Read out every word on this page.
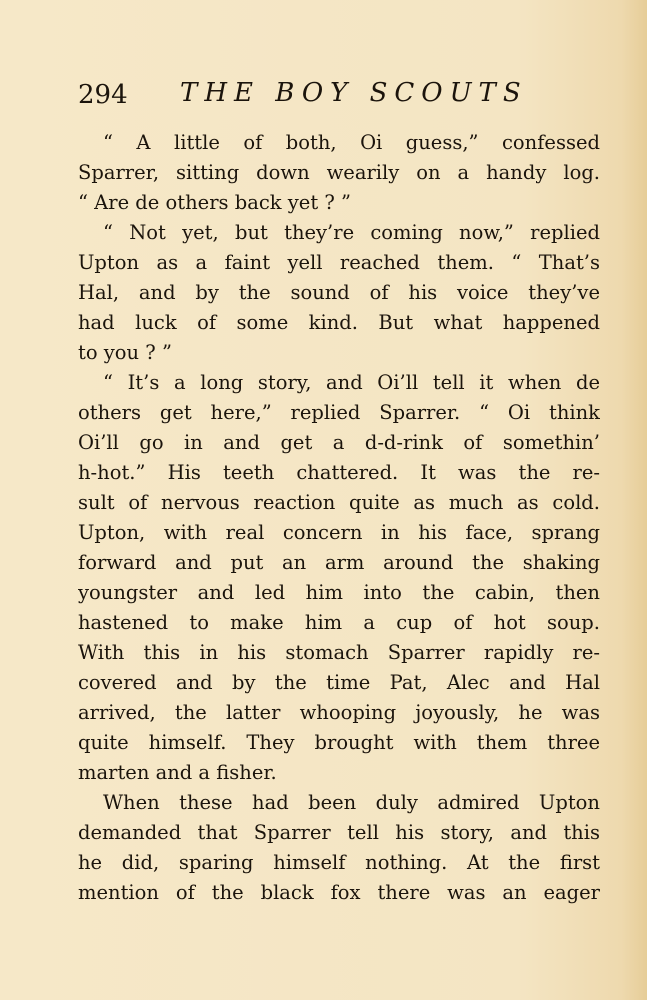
294 THE BOY SCOUTS
“ A little of both, Oi guess,” confessed
Sparrer, sitting down wearily on a handy log.
“ Are de others back yet ? ”
“ Not yet, but they’re coming now,” replied
Upton as a faint yell reached them. “ That’s
Hal, and by the sound of his voice they’ve
had luck of some kind. But what happened
to you ? ”
“ It’s a long story, and Oi’ll tell it when de
others get here,” replied Sparrer. “ Oi think
Oi’ll go in and get a d-d-rink of somethin’
h-hot.” His teeth chattered. It was the re-
sult of nervous reaction quite as much as cold.
Upton, with real concern in his face, sprang
forward and put an arm around the shaking
youngster and led him into the cabin, then
hastened to make him a cup of hot soup.
With this in his stomach Sparrer rapidly re-
covered and by the time Pat, Alec and Hal
arrived, the latter whooping joyously, he was
quite himself. They brought with them three
marten and a fisher.
When these had been duly admired Upton
demanded that Sparrer tell his story, and this
he did, sparing himself nothing. At the first
mention of the black fox there was an eager
